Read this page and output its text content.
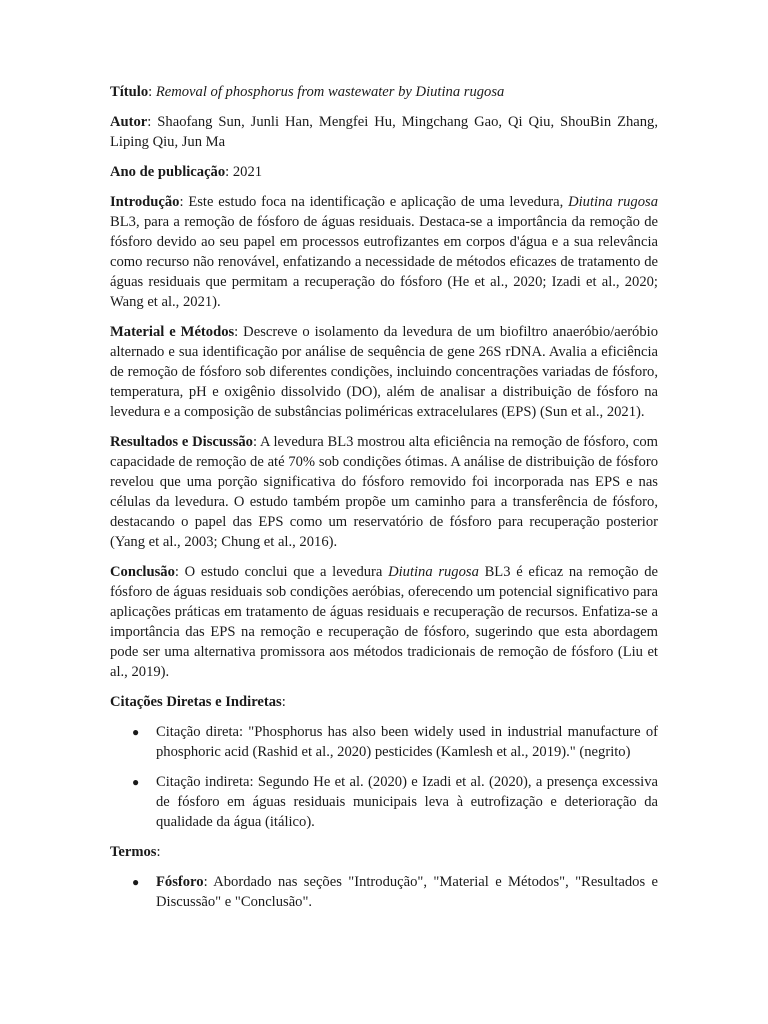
Título: Removal of phosphorus from wastewater by Diutina rugosa

Autor: Shaofang Sun, Junli Han, Mengfei Hu, Mingchang Gao, Qi Qiu, ShouBin Zhang, Liping Qiu, Jun Ma

Ano de publicação: 2021

Introdução: Este estudo foca na identificação e aplicação de uma levedura, Diutina rugosa BL3, para a remoção de fósforo de águas residuais. Destaca-se a importância da remoção de fósforo devido ao seu papel em processos eutrofizantes em corpos d'água e a sua relevância como recurso não renovável, enfatizando a necessidade de métodos eficazes de tratamento de águas residuais que permitam a recuperação do fósforo (He et al., 2020; Izadi et al., 2020; Wang et al., 2021).

Material e Métodos: Descreve o isolamento da levedura de um biofiltro anaeróbio/aeróbio alternado e sua identificação por análise de sequência de gene 26S rDNA. Avalia a eficiência de remoção de fósforo sob diferentes condições, incluindo concentrações variadas de fósforo, temperatura, pH e oxigênio dissolvido (DO), além de analisar a distribuição de fósforo na levedura e a composição de substâncias poliméricas extracelulares (EPS) (Sun et al., 2021).

Resultados e Discussão: A levedura BL3 mostrou alta eficiência na remoção de fósforo, com capacidade de remoção de até 70% sob condições ótimas. A análise de distribuição de fósforo revelou que uma porção significativa do fósforo removido foi incorporada nas EPS e nas células da levedura. O estudo também propõe um caminho para a transferência de fósforo, destacando o papel das EPS como um reservatório de fósforo para recuperação posterior (Yang et al., 2003; Chung et al., 2016).

Conclusão: O estudo conclui que a levedura Diutina rugosa BL3 é eficaz na remoção de fósforo de águas residuais sob condições aeróbias, oferecendo um potencial significativo para aplicações práticas em tratamento de águas residuais e recuperação de recursos. Enfatiza-se a importância das EPS na remoção e recuperação de fósforo, sugerindo que esta abordagem pode ser uma alternativa promissora aos métodos tradicionais de remoção de fósforo (Liu et al., 2019).

Citações Diretas e Indiretas:

● Citação direta: "Phosphorus has also been widely used in industrial manufacture of phosphoric acid (Rashid et al., 2020) pesticides (Kamlesh et al., 2019)." (negrito)
● Citação indireta: Segundo He et al. (2020) e Izadi et al. (2020), a presença excessiva de fósforo em águas residuais municipais leva à eutrofização e deterioração da qualidade da água (itálico).

Termos:

● Fósforo: Abordado nas seções "Introdução", "Material e Métodos", "Resultados e Discussão" e "Conclusão".
